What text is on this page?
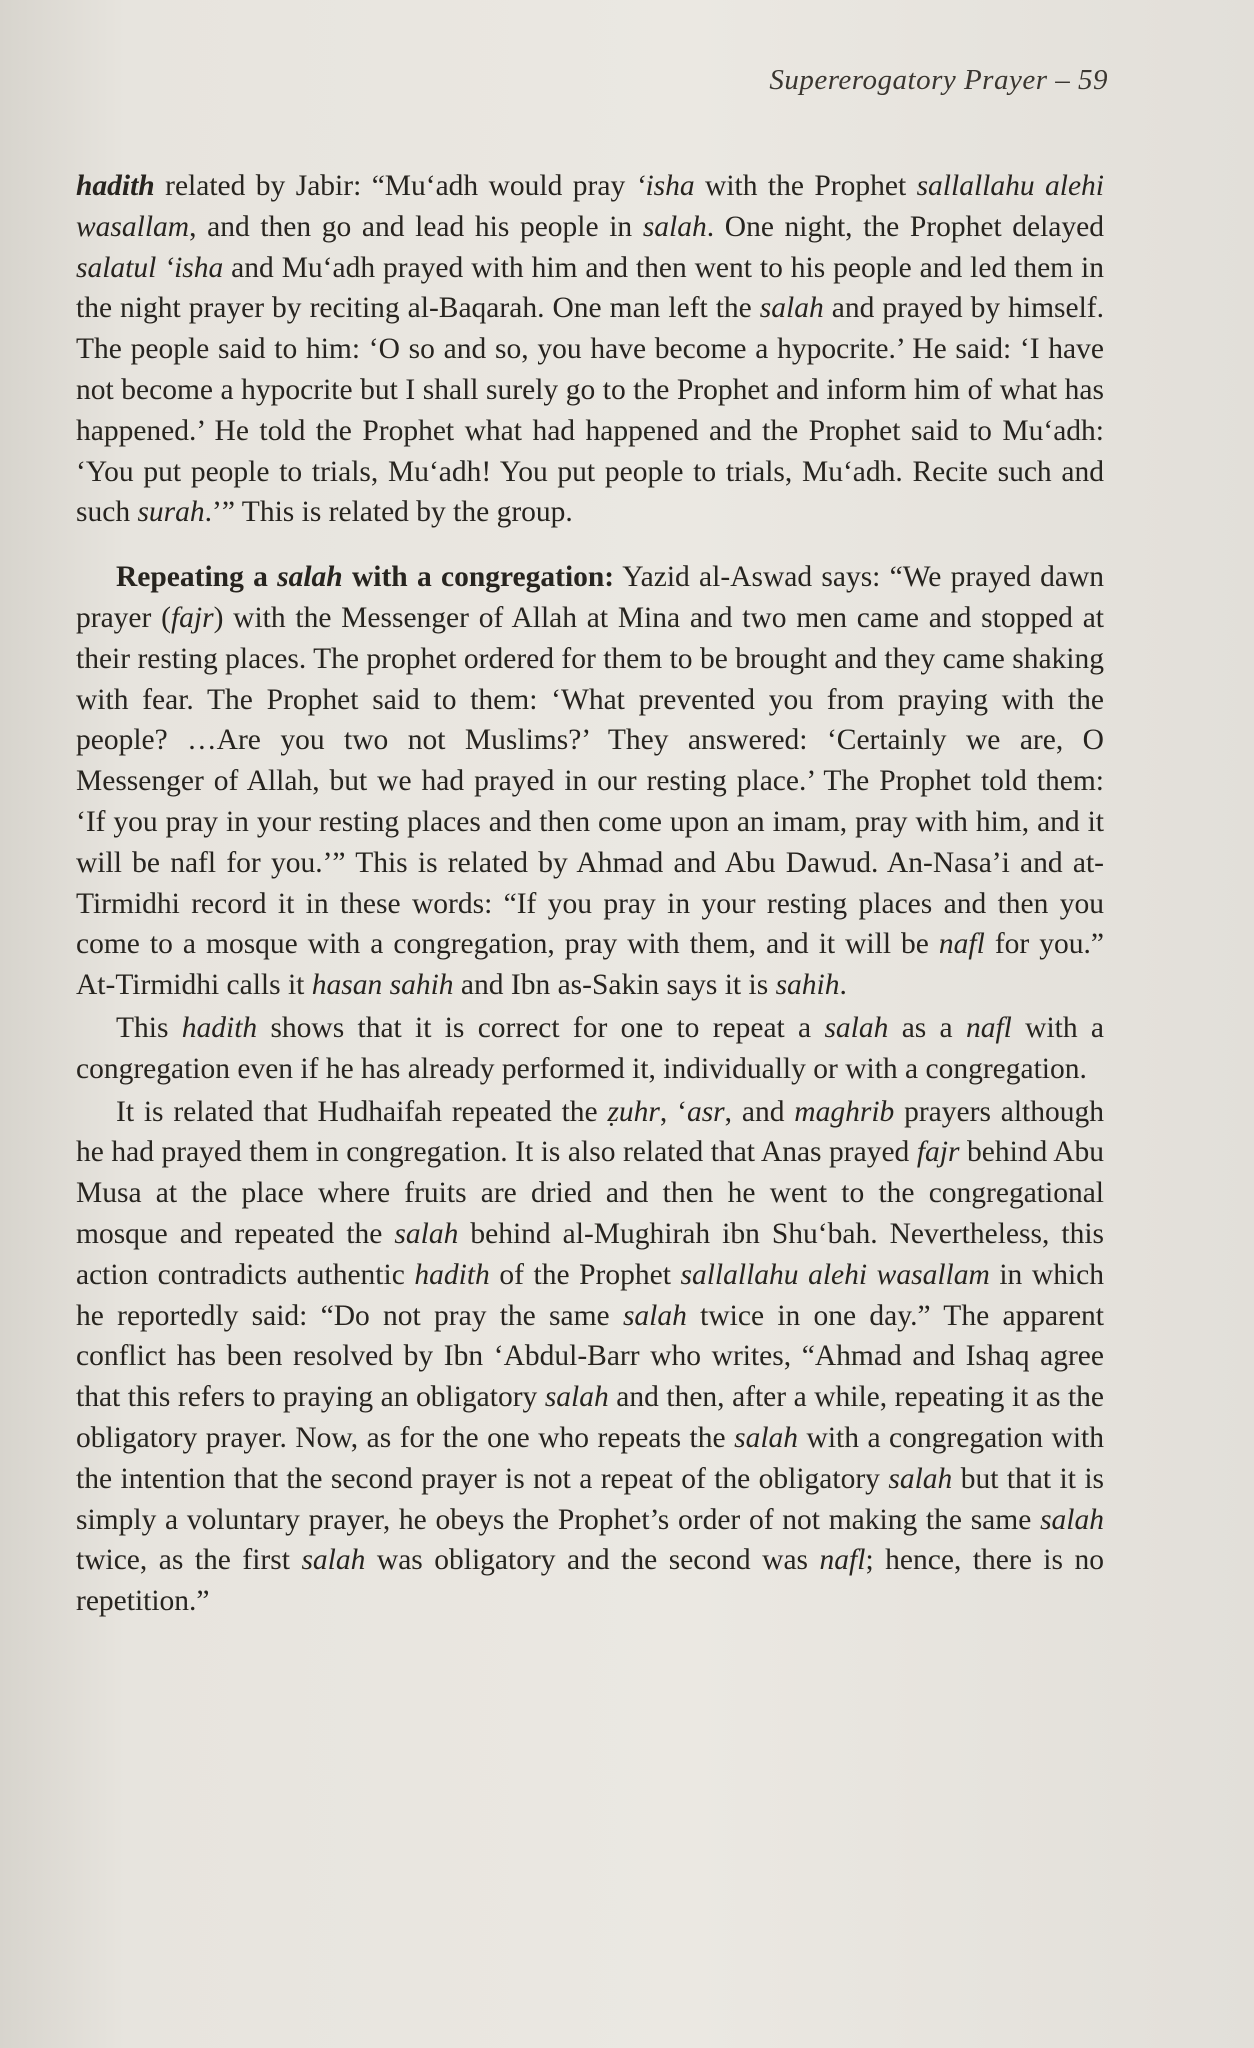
Supererogatory Prayer – 59

hadith related by Jabir: “Mu‘adh would pray ‘isha with the Prophet sallallahu alehi wasallam, and then go and lead his people in salah. One night, the Prophet delayed salatul ‘isha and Mu‘adh prayed with him and then went to his people and led them in the night prayer by reciting al-Baqarah. One man left the salah and prayed by himself. The people said to him: ‘O so and so, you have become a hypocrite.’ He said: ‘I have not become a hypocrite but I shall surely go to the Prophet and inform him of what has happened.’ He told the Prophet what had happened and the Prophet said to Mu‘adh: ‘You put people to trials, Mu‘adh! You put people to trials, Mu‘adh. Recite such and such surah.’” This is related by the group.

Repeating a salah with a congregation: Yazid al-Aswad says: “We prayed dawn prayer (fajr) with the Messenger of Allah at Mina and two men came and stopped at their resting places. The prophet ordered for them to be brought and they came shaking with fear. The Prophet said to them: ‘What prevented you from praying with the people? …Are you two not Muslims?’ They answered: ‘Certainly we are, O Messenger of Allah, but we had prayed in our resting place.’ The Prophet told them: ‘If you pray in your resting places and then come upon an imam, pray with him, and it will be nafl for you.’” This is related by Ahmad and Abu Dawud. An-Nasa’i and at-Tirmidhi record it in these words: “If you pray in your resting places and then you come to a mosque with a congregation, pray with them, and it will be nafl for you.” At-Tirmidhi calls it hasan sahih and Ibn as-Sakin says it is sahih.

This hadith shows that it is correct for one to repeat a salah as a nafl with a congregation even if he has already performed it, individually or with a congregation.

It is related that Hudhaifah repeated the ẓuhr, ‘asr, and maghrib prayers although he had prayed them in congregation. It is also related that Anas prayed fajr behind Abu Musa at the place where fruits are dried and then he went to the congregational mosque and repeated the salah behind al-Mughirah ibn Shu‘bah. Nevertheless, this action contradicts authentic hadith of the Prophet sallallahu alehi wasallam in which he reportedly said: “Do not pray the same salah twice in one day.” The apparent conflict has been resolved by Ibn ‘Abdul-Barr who writes, “Ahmad and Ishaq agree that this refers to praying an obligatory salah and then, after a while, repeating it as the obligatory prayer. Now, as for the one who repeats the salah with a congregation with the intention that the second prayer is not a repeat of the obligatory salah but that it is simply a voluntary prayer, he obeys the Prophet’s order of not making the same salah twice, as the first salah was obligatory and the second was nafl; hence, there is no repetition.”
